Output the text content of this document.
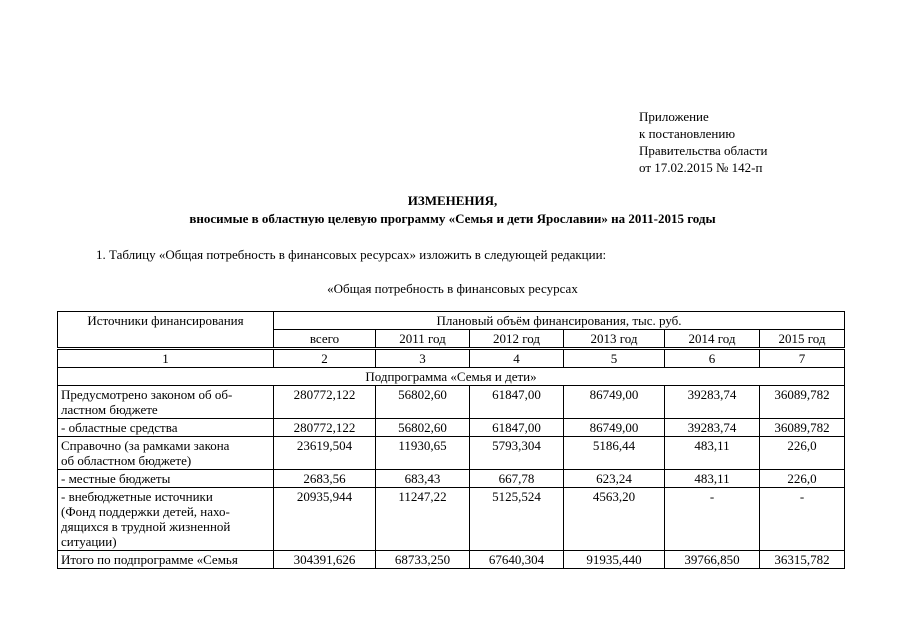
Приложение
к постановлению
Правительства области
от 17.02.2015 № 142-п
ИЗМЕНЕНИЯ,
вносимые в областную целевую программу «Семья и дети Ярославии» на 2011-2015 годы
1. Таблицу «Общая потребность в финансовых ресурсах» изложить в следующей редакции:
«Общая потребность в финансовых ресурсах
Источники финансирования	Плановый объём финансирования, тыс. руб.					
	всего	2011 год	2012 год	2013 год	2014 год	2015 год
1	2	3	4	5	6	7
Подпрограмма «Семья и дети»						
Предусмотрено законом об об-
ластном бюджете	280772,122	56802,60	61847,00	86749,00	39283,74	36089,782
- областные средства	280772,122	56802,60	61847,00	86749,00	39283,74	36089,782
Справочно (за рамками закона
об областном бюджете)	23619,504	11930,65	5793,304	5186,44	483,11	226,0
- местные бюджеты	2683,56	683,43	667,78	623,24	483,11	226,0
- внебюджетные источники
(Фонд поддержки детей, нахо-
дящихся в трудной жизненной
ситуации)	20935,944	11247,22	5125,524	4563,20	-	-
Итого по подпрограмме «Семья	304391,626	68733,250	67640,304	91935,440	39766,850	36315,782
